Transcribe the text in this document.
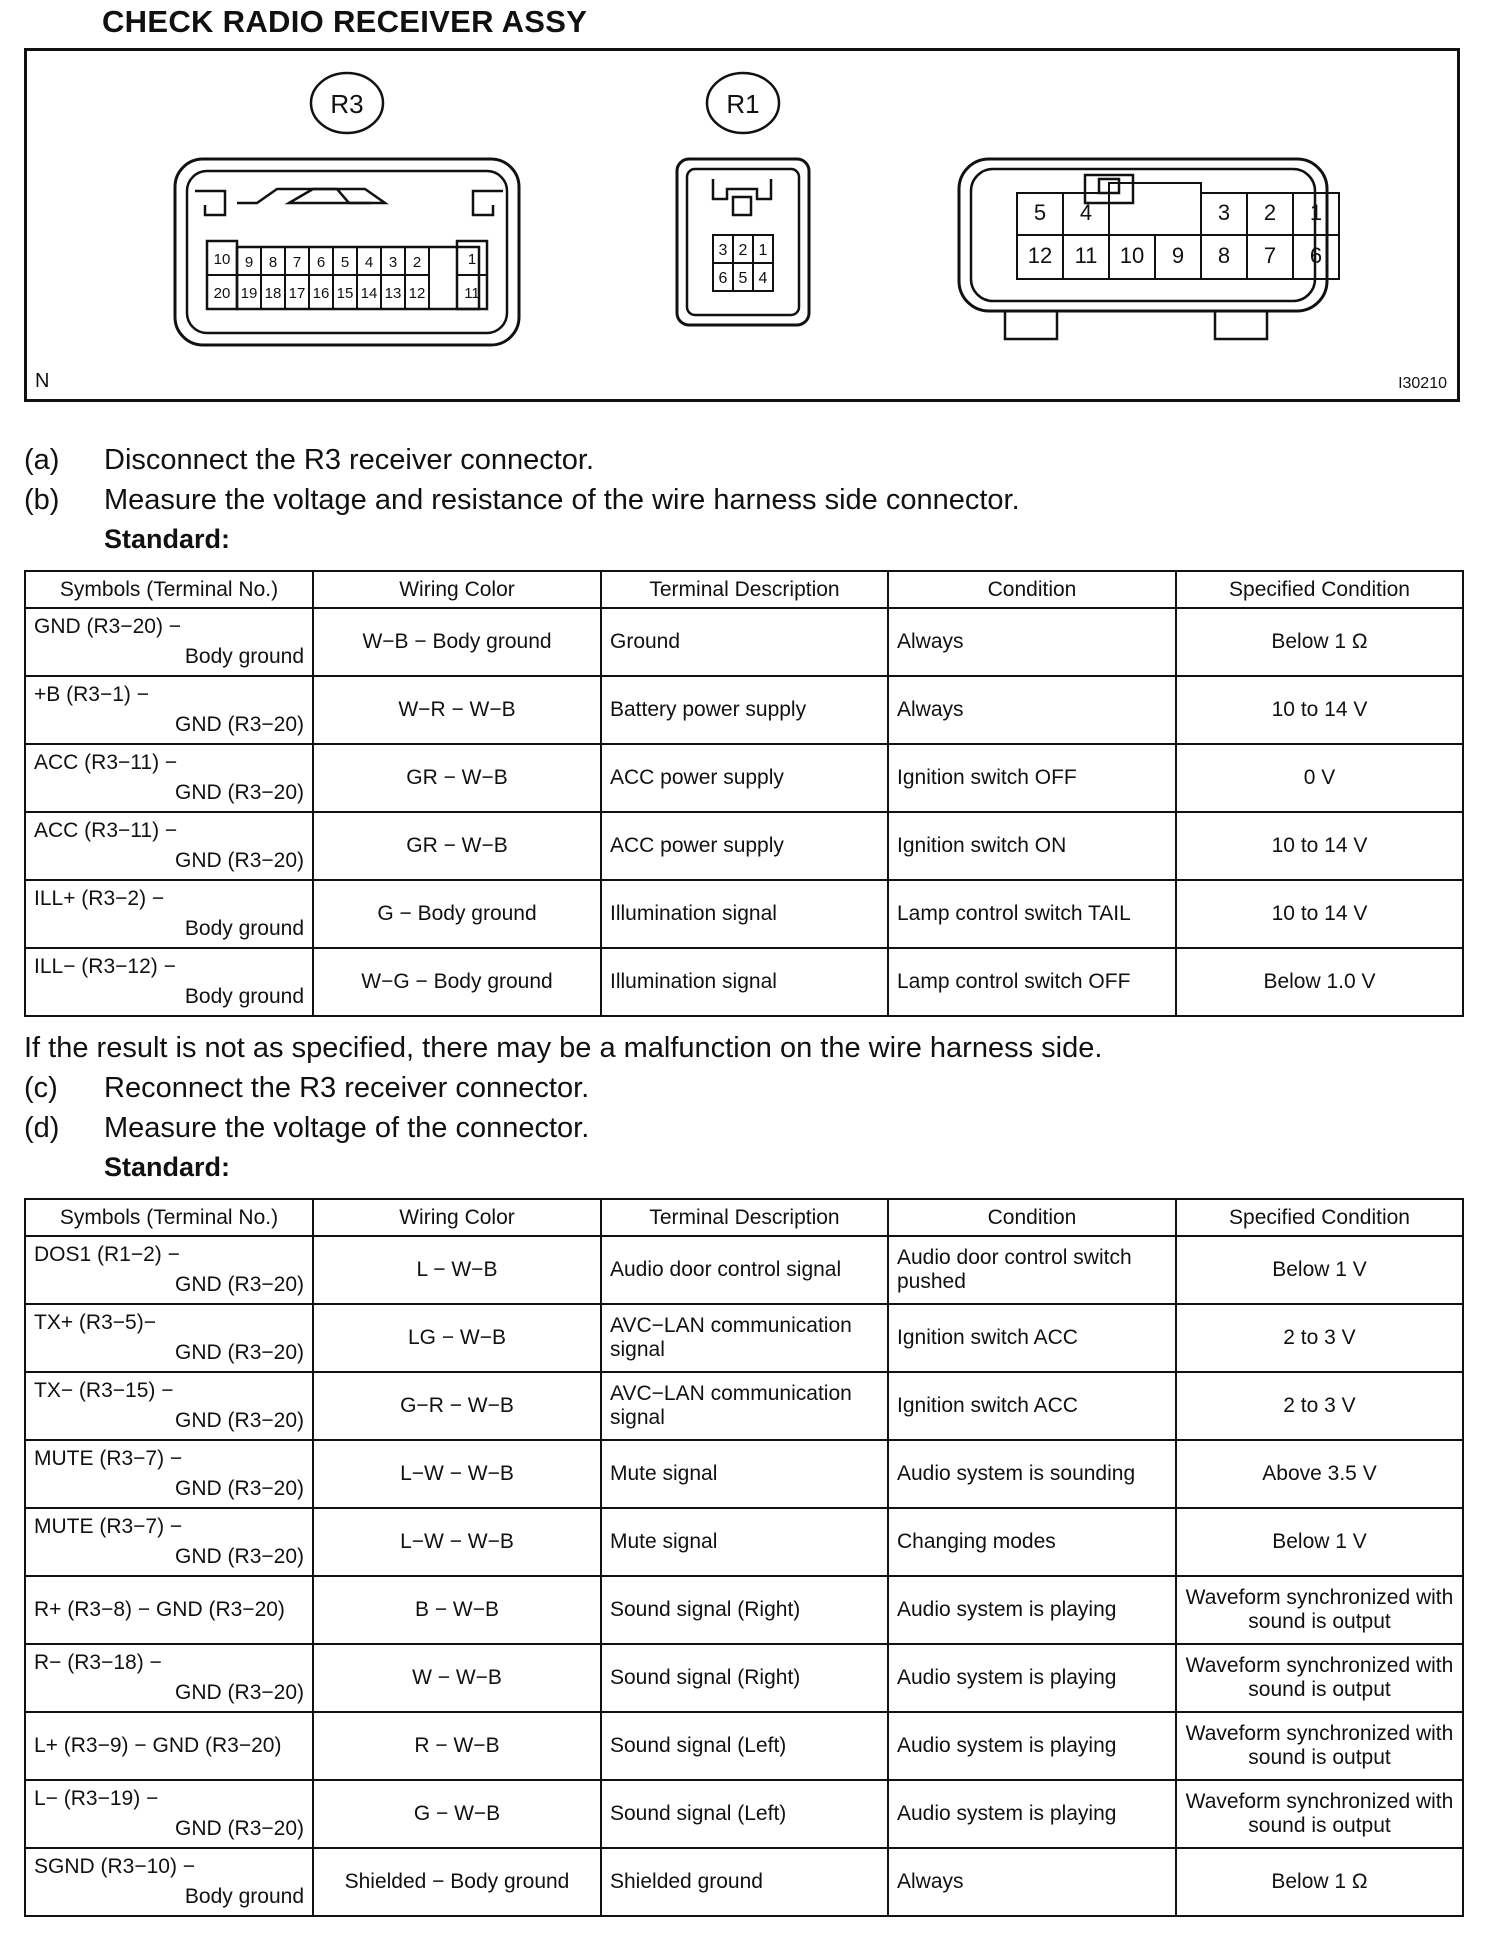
CHECK RADIO RECEIVER ASSY
R3
10 9 8 7 6 5 4 3 2	1
20 19 18 17 16 15 14 13 12	11
R1
3 2 1
6 5 4
5 4	3 2 1
12 11 10 9 8 7 6
N	I30210
(a) Disconnect the R3 receiver connector.
(b) Measure the voltage and resistance of the wire harness side connector.
Standard:
Symbols (Terminal No.)	Wiring Color	Terminal Description	Condition	Specified Condition

GND (R3−20) −
Body ground	W−B − Body ground	Ground	Always	Below 1 Ω

+B (R3−1) −
GND (R3−20)	W−R − W−B	Battery power supply	Always	10 to 14 V

ACC (R3−11) −
GND (R3−20)	GR − W−B	ACC power supply	Ignition switch OFF	0 V

ACC (R3−11) −
GND (R3−20)	GR − W−B	ACC power supply	Ignition switch ON	10 to 14 V

ILL+ (R3−2) −
Body ground	G − Body ground	Illumination signal	Lamp control switch TAIL	10 to 14 V

ILL− (R3−12) −
Body ground	W−G − Body ground	Illumination signal	Lamp control switch OFF	Below 1.0 V
If the result is not as specified, there may be a malfunction on the wire harness side.
(c) Reconnect the R3 receiver connector.
(d) Measure the voltage of the connector.
Standard:
Symbols (Terminal No.)	Wiring Color	Terminal Description	Condition	Specified Condition

DOS1 (R1−2) −
GND (R3−20)	L − W−B	Audio door control signal	Audio door control switch pushed	Below 1 V

TX+ (R3−5)−
GND (R3−20)	LG − W−B	AVC−LAN communication signal	Ignition switch ACC	2 to 3 V

TX− (R3−15) −
GND (R3−20)	G−R − W−B	AVC−LAN communication signal	Ignition switch ACC	2 to 3 V

MUTE (R3−7) −
GND (R3−20)	L−W − W−B	Mute signal	Audio system is sounding	Above 3.5 V

MUTE (R3−7) −
GND (R3−20)	L−W − W−B	Mute signal	Changing modes	Below 1 V

R+ (R3−8) − GND (R3−20)	B − W−B	Sound signal (Right)	Audio system is playing	Waveform synchronized with sound is output

R− (R3−18) −
GND (R3−20)	W − W−B	Sound signal (Right)	Audio system is playing	Waveform synchronized with sound is output

L+ (R3−9) − GND (R3−20)	R − W−B	Sound signal (Left)	Audio system is playing	Waveform synchronized with sound is output

L− (R3−19) −
GND (R3−20)	G − W−B	Sound signal (Left)	Audio system is playing	Waveform synchronized with sound is output

SGND (R3−10) −
Body ground	Shielded − Body ground	Shielded ground	Always	Below 1 Ω
